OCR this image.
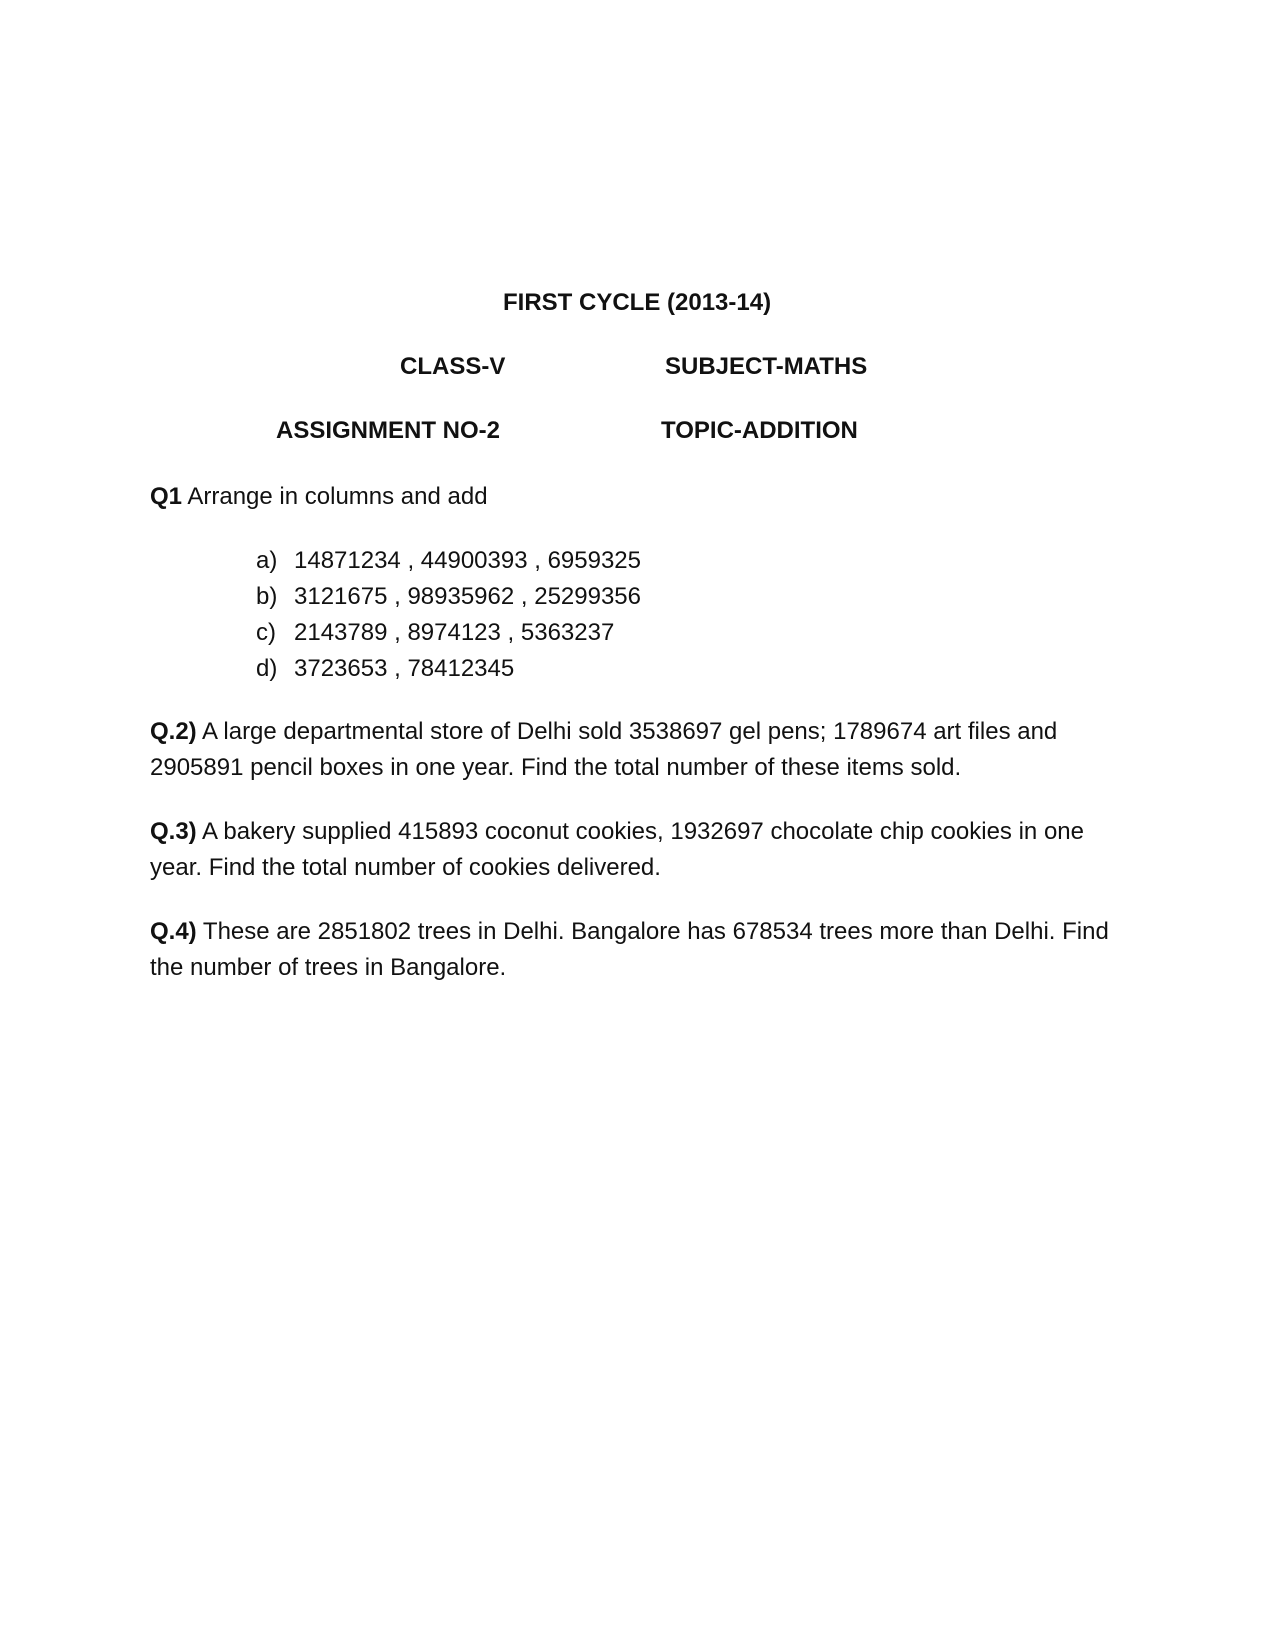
FIRST CYCLE (2013-14)
CLASS-V	SUBJECT-MATHS
ASSIGNMENT NO-2	TOPIC-ADDITION
Q1 Arrange in columns and add
a) 14871234 , 44900393 , 6959325
b) 3121675 , 98935962 , 25299356
c) 2143789 , 8974123 , 5363237
d) 3723653 , 78412345

Q.2) A large departmental store of Delhi sold 3538697 gel pens; 1789674 art files and 2905891 pencil boxes in one year. Find the total number of these items sold.

Q.3) A bakery supplied 415893 coconut cookies, 1932697 chocolate chip cookies in one year. Find the total number of cookies delivered.

Q.4) These are 2851802 trees in Delhi. Bangalore has 678534 trees more than Delhi. Find the number of trees in Bangalore.
